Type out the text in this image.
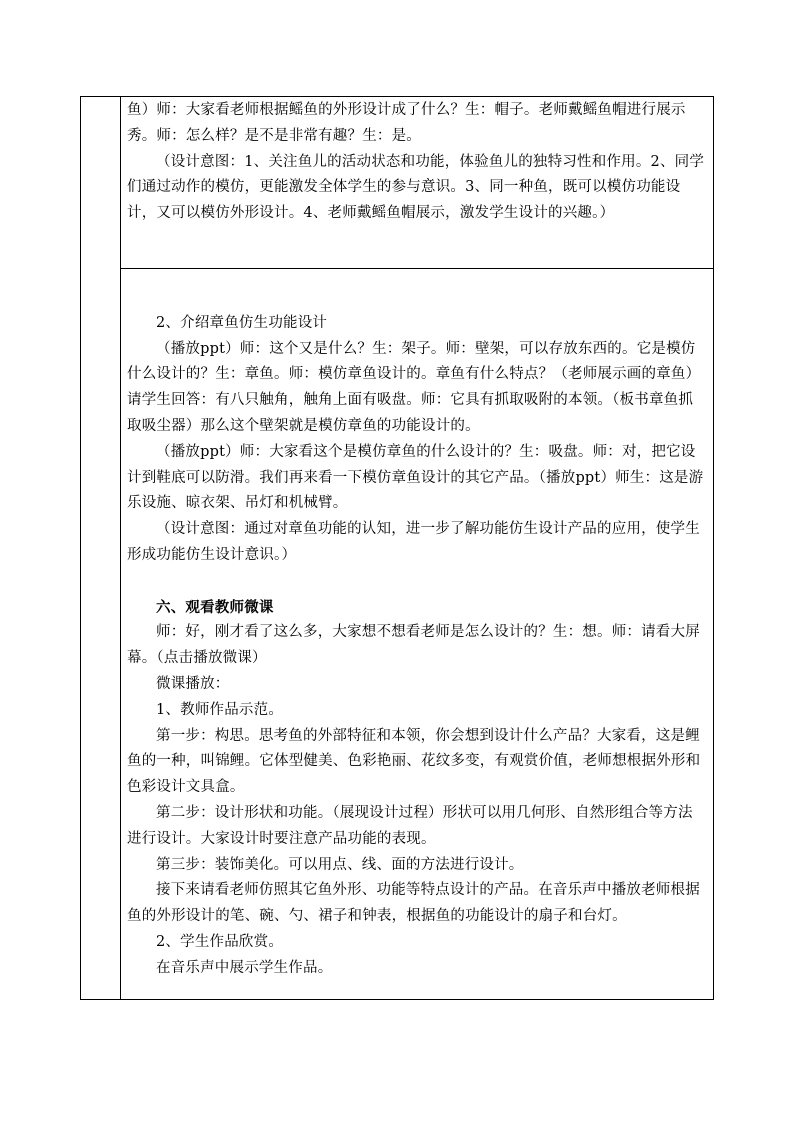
鱼）师：大家看老师根据鳐鱼的外形设计成了什么？生：帽子。老师戴鳐鱼帽进行展示秀。师：怎么样？是不是非常有趣？生：是。

（设计意图：1、关注鱼儿的活动状态和功能，体验鱼儿的独特习性和作用。2、同学们通过动作的模仿，更能激发全体学生的参与意识。3、同一种鱼，既可以模仿功能设计，又可以模仿外形设计。4、老师戴鳐鱼帽展示，激发学生设计的兴趣。）

2、介绍章鱼仿生功能设计

（播放ppt）师：这个又是什么？生：架子。师：壁架，可以存放东西的。它是模仿什么设计的？生：章鱼。师：模仿章鱼设计的。章鱼有什么特点？（老师展示画的章鱼）请学生回答：有八只触角，触角上面有吸盘。师：它具有抓取吸附的本领。（板书章鱼抓取吸尘器）那么这个壁架就是模仿章鱼的功能设计的。

（播放ppt）师：大家看这个是模仿章鱼的什么设计的？生：吸盘。师：对，把它设计到鞋底可以防滑。我们再来看一下模仿章鱼设计的其它产品。（播放ppt）师生：这是游乐设施、晾衣架、吊灯和机械臂。

（设计意图：通过对章鱼功能的认知，进一步了解功能仿生设计产品的应用，使学生形成功能仿生设计意识。）

六、观看教师微课

师：好，刚才看了这么多，大家想不想看老师是怎么设计的？生：想。师：请看大屏幕。（点击播放微课）

微课播放：

1、教师作品示范。

第一步：构思。思考鱼的外部特征和本领，你会想到设计什么产品？大家看，这是鲤鱼的一种，叫锦鲤。它体型健美、色彩艳丽、花纹多变，有观赏价值，老师想根据外形和色彩设计文具盒。

第二步：设计形状和功能。（展现设计过程）形状可以用几何形、自然形组合等方法进行设计。大家设计时要注意产品功能的表现。

第三步：装饰美化。可以用点、线、面的方法进行设计。

接下来请看老师仿照其它鱼外形、功能等特点设计的产品。在音乐声中播放老师根据鱼的外形设计的笔、碗、勺、裙子和钟表，根据鱼的功能设计的扇子和台灯。

2、学生作品欣赏。

在音乐声中展示学生作品。
